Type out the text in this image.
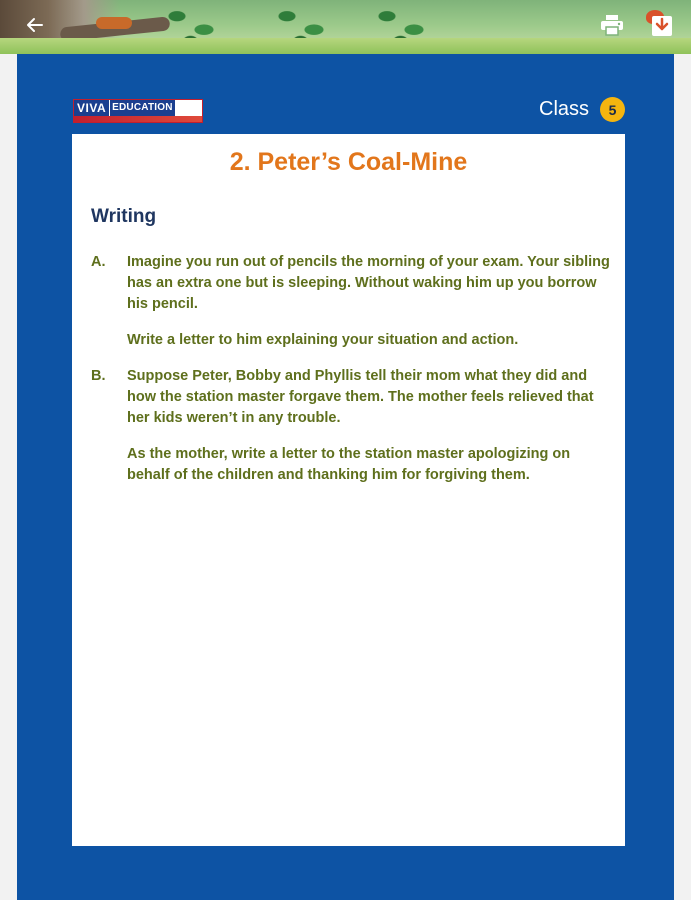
VIVA EDUCATION	Class	5
2. Peter’s Coal-Mine
Writing
A. Imagine you run out of pencils the morning of your exam. Your sibling has an extra one but is sleeping. Without waking him up you borrow his pencil.
Write a letter to him explaining your situation and action.
B. Suppose Peter, Bobby and Phyllis tell their mom what they did and how the station master forgave them. The mother feels relieved that her kids weren’t in any trouble.
As the mother, write a letter to the station master apologizing on behalf of the children and thanking him for forgiving them.
